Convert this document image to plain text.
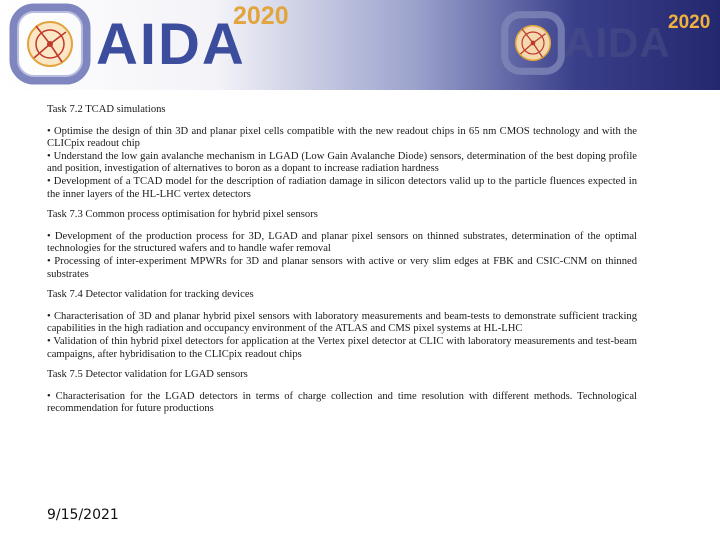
AIDA
2020
AIDA
2020

Task 7.2 TCAD simulations

• Optimise the design of thin 3D and planar pixel cells compatible with the new readout chips in 65 nm CMOS technology and with the CLICpix readout chip

• Understand the low gain avalanche mechanism in LGAD (Low Gain Avalanche Diode) sensors, determination of the best doping profile and position, investigation of alternatives to boron as a dopant to increase radiation hardness

• Development of a TCAD model for the description of radiation damage in silicon detectors valid up to the particle fluences expected in the inner layers of the HL-LHC vertex detectors

Task 7.3 Common process optimisation for hybrid pixel sensors

• Development of the production process for 3D, LGAD and planar pixel sensors on thinned substrates, determination of the optimal technologies for the structured wafers and to handle wafer removal

• Processing of inter-experiment MPWRs for 3D and planar sensors with active or very slim edges at FBK and CSIC-CNM on thinned substrates

Task 7.4 Detector validation for tracking devices

• Characterisation of 3D and planar hybrid pixel sensors with laboratory measurements and beam-tests to demonstrate sufficient tracking capabilities in the high radiation and occupancy environment of the ATLAS and CMS pixel systems at HL-LHC

• Validation of thin hybrid pixel detectors for application at the Vertex pixel detector at CLIC with laboratory measurements and test-beam campaigns, after hybridisation to the CLICpix readout chips

Task 7.5 Detector validation for LGAD sensors

• Characterisation for the LGAD detectors in terms of charge collection and time resolution with different methods. Technological recommendation for future productions

9/15/2021
